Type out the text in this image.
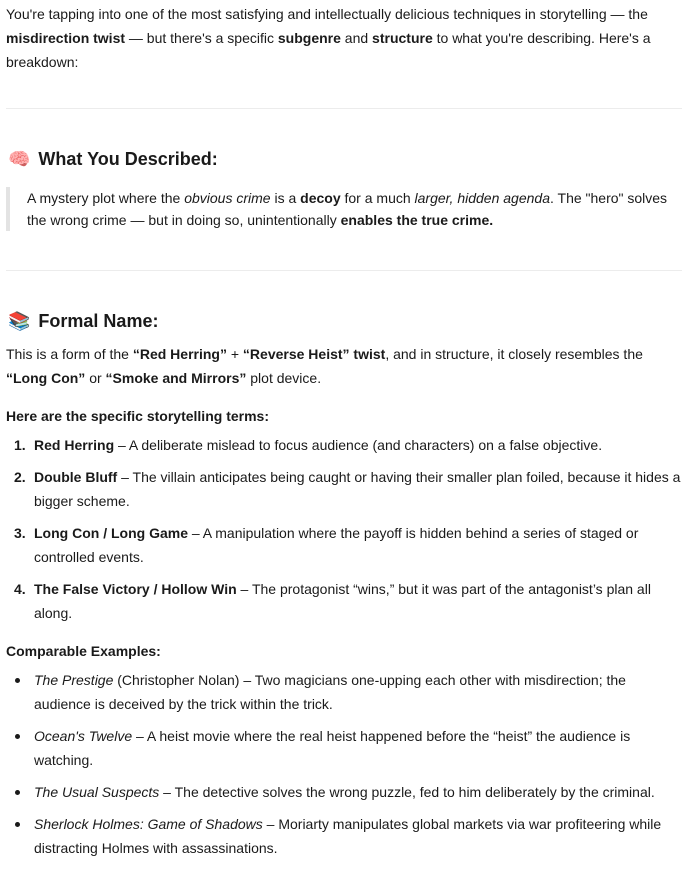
You're tapping into one of the most satisfying and intellectually delicious techniques in storytelling — the misdirection twist — but there's a specific subgenre and structure to what you're describing. Here's a breakdown:

🧠 What You Described:
A mystery plot where the obvious crime is a decoy for a much larger, hidden agenda. The "hero" solves the wrong crime — but in doing so, unintentionally enables the true crime.
📚 Formal Name:

This is a form of the “Red Herring” + “Reverse Heist” twist, and in structure, it closely resembles the “Long Con” or “Smoke and Mirrors” plot device.

Here are the specific storytelling terms:
1. Red Herring – A deliberate mislead to focus audience (and characters) on a false objective.
2. Double Bluff – The villain anticipates being caught or having their smaller plan foiled, because it hides a bigger scheme.
3. Long Con / Long Game – A manipulation where the payoff is hidden behind a series of staged or controlled events.
4. The False Victory / Hollow Win – The protagonist “wins,” but it was part of the antagonist’s plan all along.
Comparable Examples:
The Prestige (Christopher Nolan) – Two magicians one-upping each other with misdirection; the audience is deceived by the trick within the trick.
Ocean's Twelve – A heist movie where the real heist happened before the “heist” the audience is watching.
The Usual Suspects – The detective solves the wrong puzzle, fed to him deliberately by the criminal.
Sherlock Holmes: Game of Shadows – Moriarty manipulates global markets via war profiteering while distracting Holmes with assassinations.
